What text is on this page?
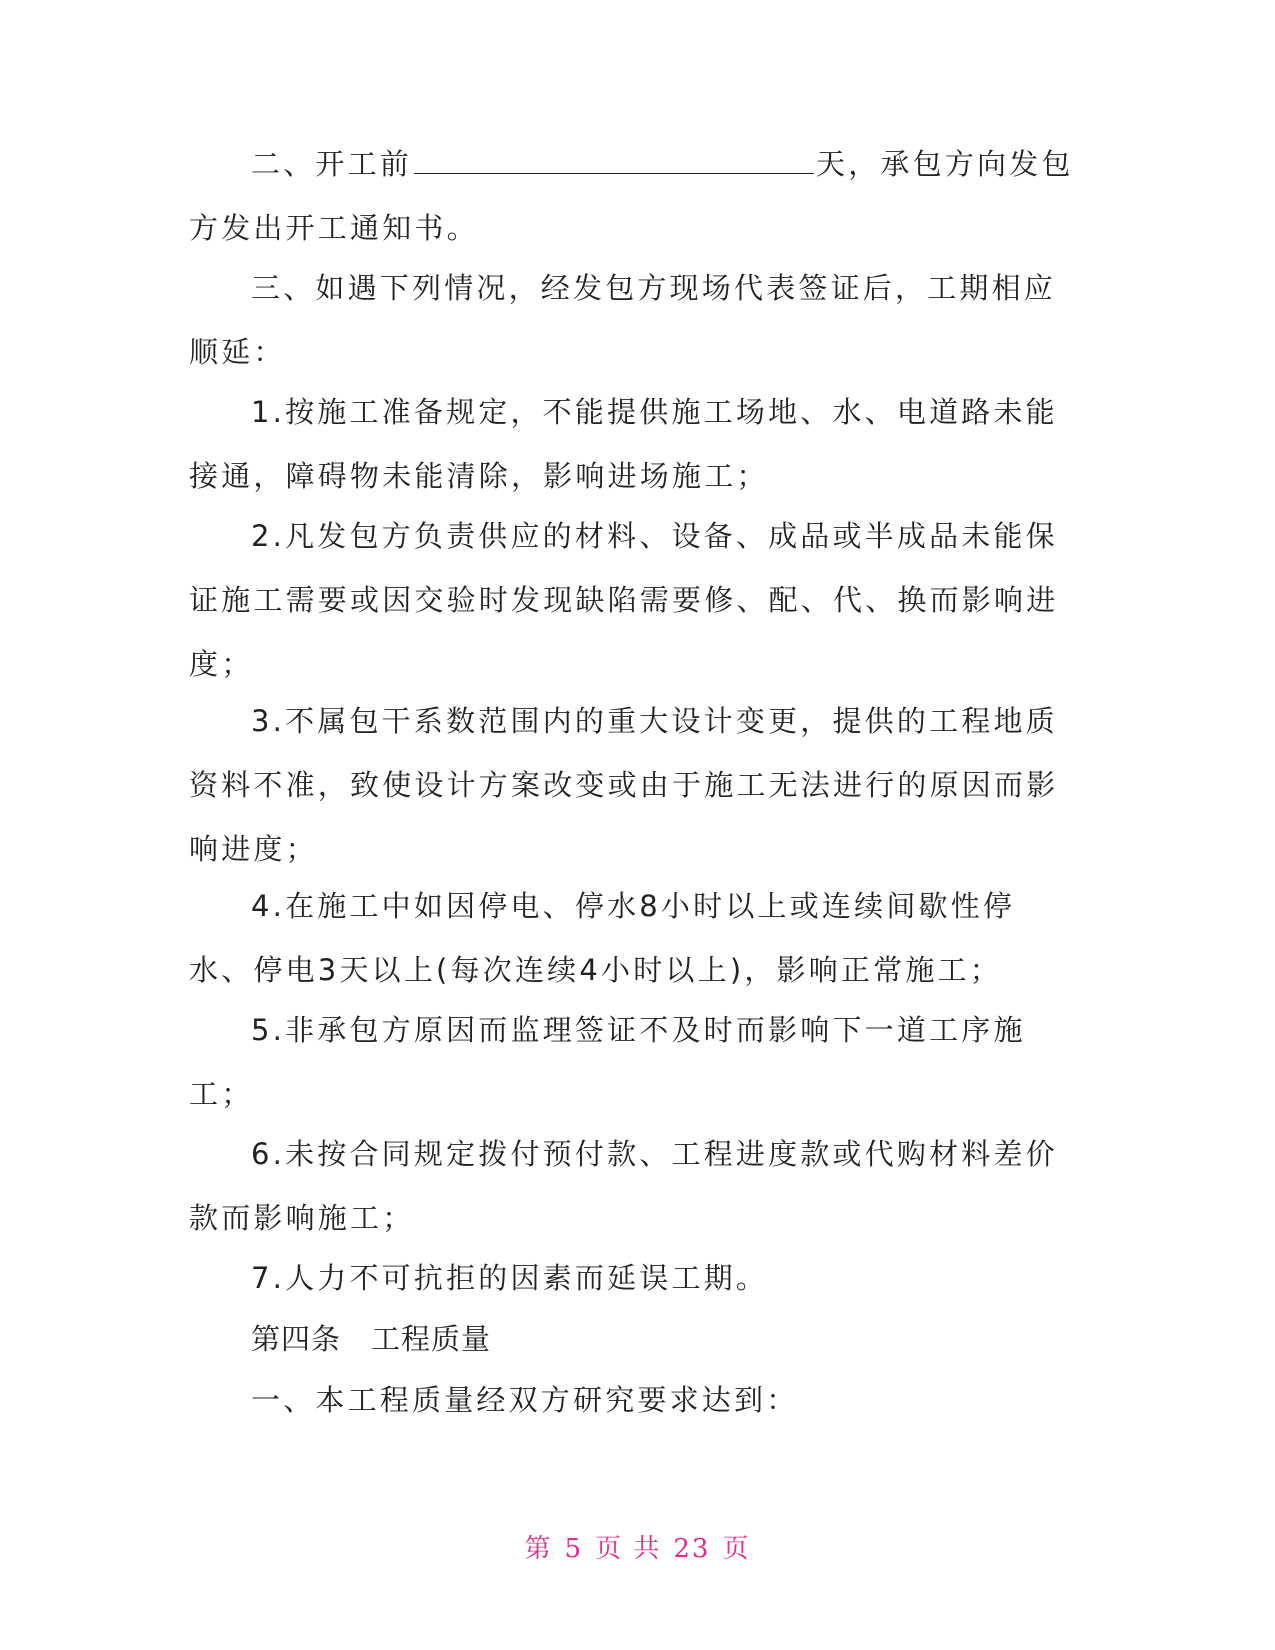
二、开工前	天，承包方向发包方发出开工通知书。

三、如遇下列情况，经发包方现场代表签证后，工期相应顺延：

1.按施工准备规定，不能提供施工场地、水、电道路未能接通，障碍物未能清除，影响进场施工；

2.凡发包方负责供应的材料、设备、成品或半成品未能保证施工需要或因交验时发现缺陷需要修、配、代、换而影响进度；

3.不属包干系数范围内的重大设计变更，提供的工程地质资料不准，致使设计方案改变或由于施工无法进行的原因而影响进度；

4.在施工中如因停电、停水8小时以上或连续间歇性停水、停电3天以上(每次连续4小时以上)，影响正常施工；

5.非承包方原因而监理签证不及时而影响下一道工序施工；

6.未按合同规定拨付预付款、工程进度款或代购材料差价款而影响施工；

7.人力不可抗拒的因素而延误工期。

第四条 工程质量

一、本工程质量经双方研究要求达到：

第 5 页 共 23 页
